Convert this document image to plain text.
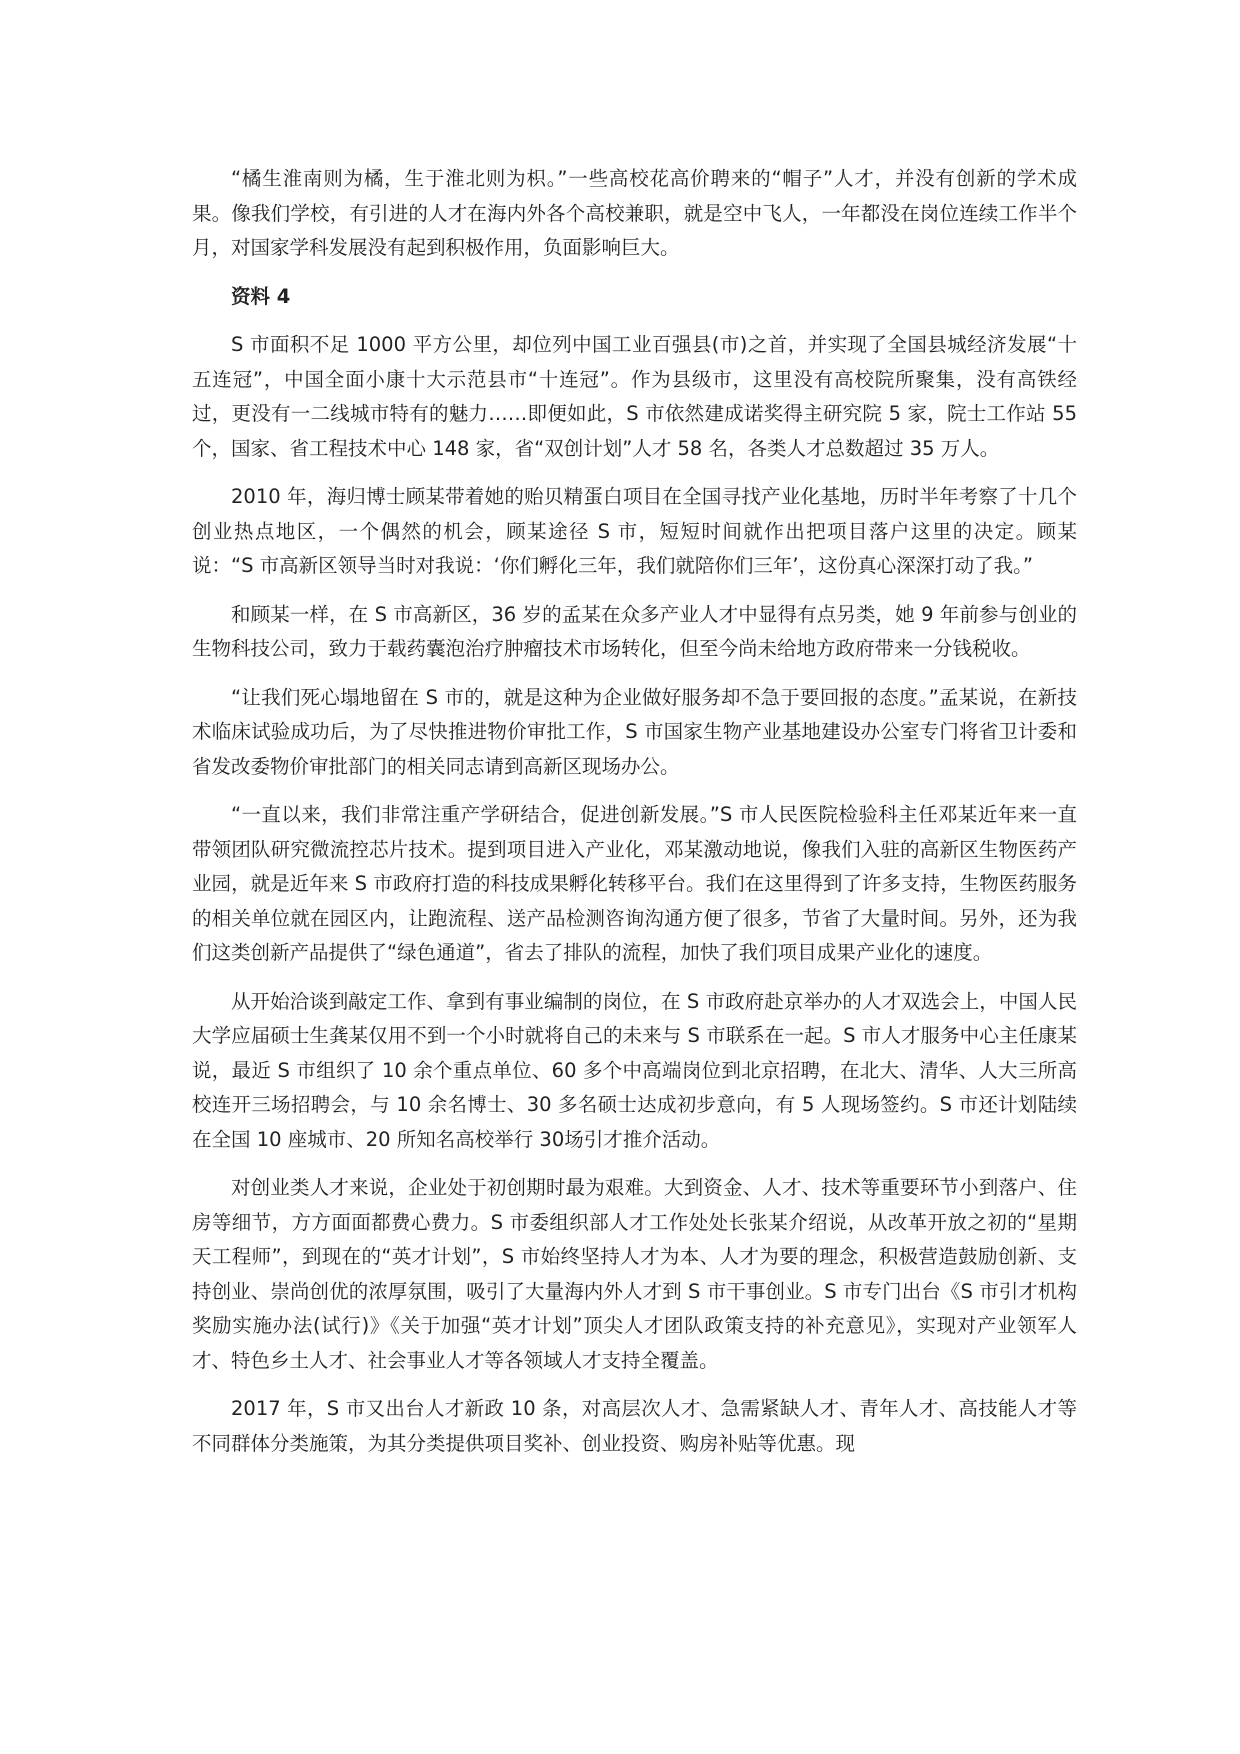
“橘生淮南则为橘，生于淮北则为枳。”一些高校花高价聘来的“帽子”人才，并没有创新的学术成果。像我们学校，有引进的人才在海内外各个高校兼职，就是空中飞人，一年都没在岗位连续工作半个月，对国家学科发展没有起到积极作用，负面影响巨大。

资料 4

S 市面积不足 1000 平方公里，却位列中国工业百强县(市)之首，并实现了全国县城经济发展“十五连冠”，中国全面小康十大示范县市“十连冠”。作为县级市，这里没有高校院所聚集，没有高铁经过，更没有一二线城市特有的魅力……即便如此，S 市依然建成诺奖得主研究院 5 家，院士工作站 55 个，国家、省工程技术中心 148 家，省“双创计划”人才 58 名，各类人才总数超过 35 万人。

2010 年，海归博士顾某带着她的贻贝精蛋白项目在全国寻找产业化基地，历时半年考察了十几个创业热点地区，一个偶然的机会，顾某途径 S 市，短短时间就作出把项目落户这里的决定。顾某说：“S 市高新区领导当时对我说：‘你们孵化三年，我们就陪你们三年’，这份真心深深打动了我。”

和顾某一样，在 S 市高新区，36 岁的孟某在众多产业人才中显得有点另类，她 9 年前参与创业的生物科技公司，致力于载药囊泡治疗肿瘤技术市场转化，但至今尚未给地方政府带来一分钱税收。

“让我们死心塌地留在 S 市的，就是这种为企业做好服务却不急于要回报的态度。”孟某说，在新技术临床试验成功后，为了尽快推进物价审批工作，S 市国家生物产业基地建设办公室专门将省卫计委和省发改委物价审批部门的相关同志请到高新区现场办公。

“一直以来，我们非常注重产学研结合，促进创新发展。”S 市人民医院检验科主任邓某近年来一直带领团队研究微流控芯片技术。提到项目进入产业化，邓某激动地说，像我们入驻的高新区生物医药产业园，就是近年来 S 市政府打造的科技成果孵化转移平台。我们在这里得到了许多支持，生物医药服务的相关单位就在园区内，让跑流程、送产品检测咨询沟通方便了很多，节省了大量时间。另外，还为我们这类创新产品提供了“绿色通道”，省去了排队的流程，加快了我们项目成果产业化的速度。

从开始洽谈到敲定工作、拿到有事业编制的岗位，在 S 市政府赴京举办的人才双选会上，中国人民大学应届硕士生龚某仅用不到一个小时就将自己的未来与 S 市联系在一起。S 市人才服务中心主任康某说，最近 S 市组织了 10 余个重点单位、60 多个中高端岗位到北京招聘，在北大、清华、人大三所高校连开三场招聘会，与 10 余名博士、30 多名硕士达成初步意向，有 5 人现场签约。S 市还计划陆续在全国 10 座城市、20 所知名高校举行 30场引才推介活动。

对创业类人才来说，企业处于初创期时最为艰难。大到资金、人才、技术等重要环节小到落户、住房等细节，方方面面都费心费力。S 市委组织部人才工作处处长张某介绍说，从改革开放之初的“星期天工程师”，到现在的“英才计划”，S 市始终坚持人才为本、人才为要的理念，积极营造鼓励创新、支持创业、崇尚创优的浓厚氛围，吸引了大量海内外人才到 S 市干事创业。S 市专门出台《S 市引才机构奖励实施办法(试行)》《关于加强“英才计划”顶尖人才团队政策支持的补充意见》，实现对产业领军人才、特色乡土人才、社会事业人才等各领域人才支持全覆盖。

2017 年，S 市又出台人才新政 10 条，对高层次人才、急需紧缺人才、青年人才、高技能人才等不同群体分类施策，为其分类提供项目奖补、创业投资、购房补贴等优惠。现
